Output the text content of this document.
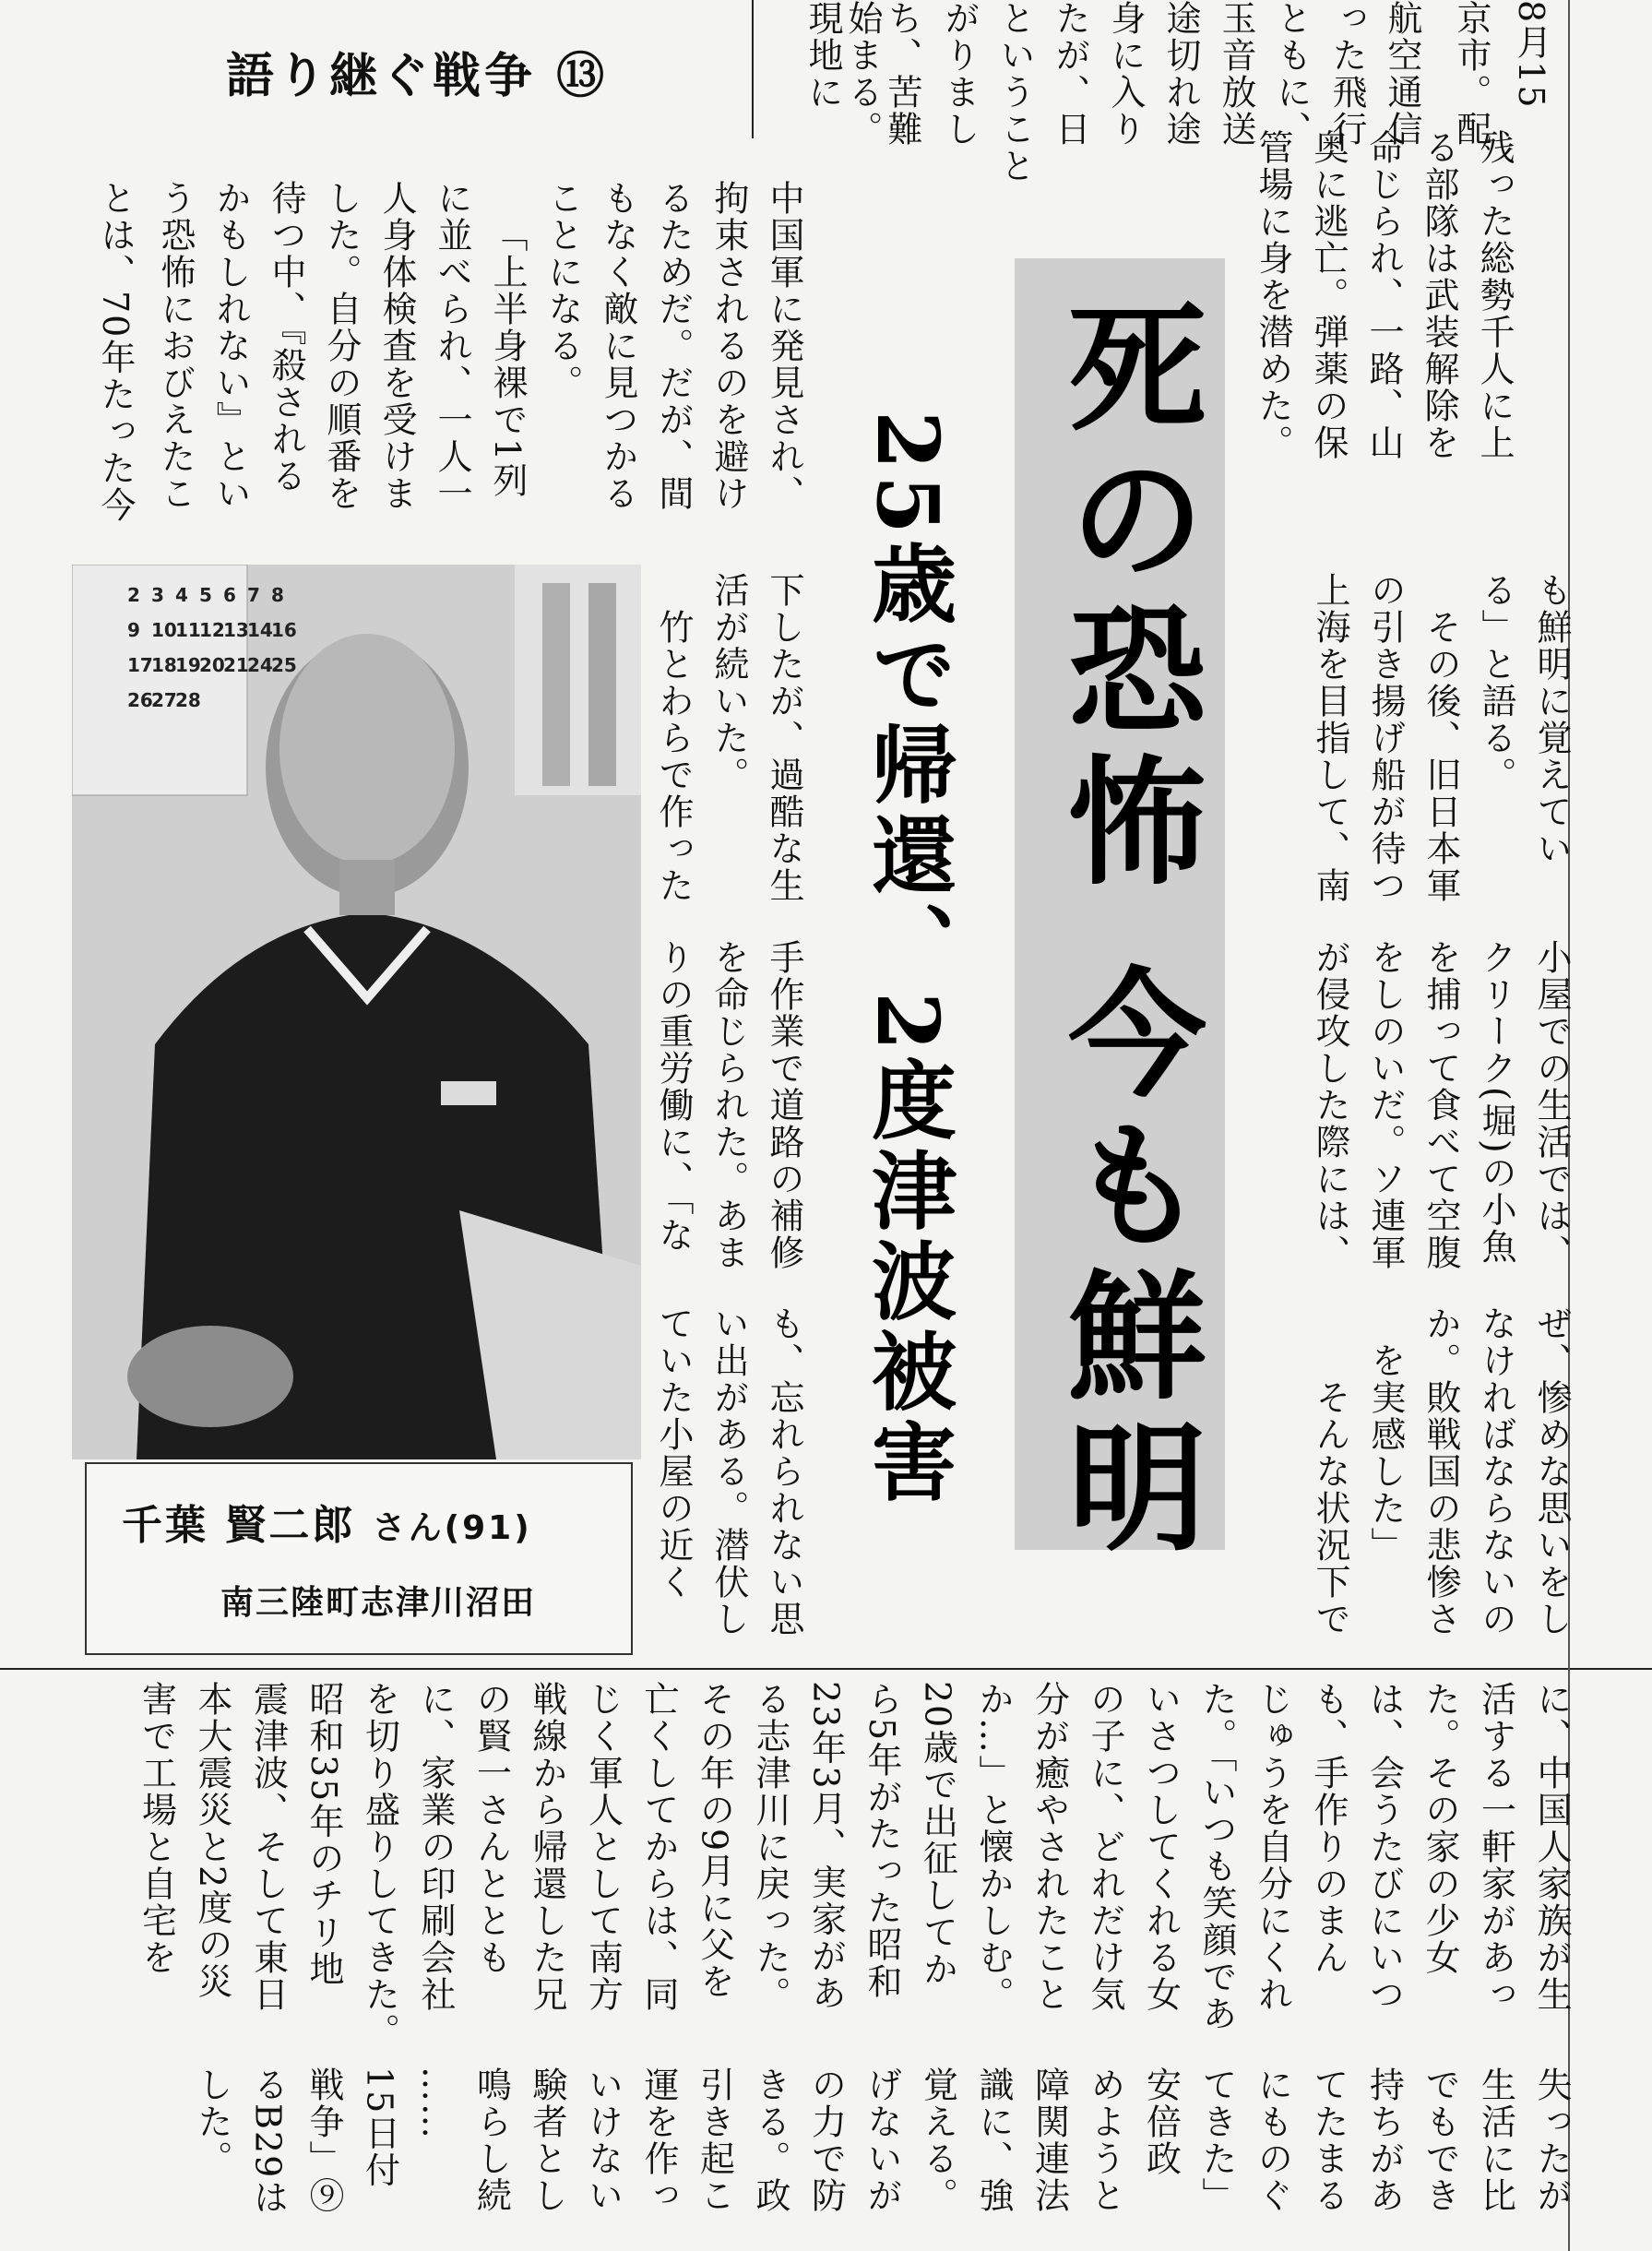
現地に 始まる。 ち、苦難 がりまし ということ たが、日 身に入り 途切れ途 玉音放送 ともに、 った飛行 航空通信 京市。配 8月15
語り継ぐ戦争 ⑬
残った総勢千人に上
る部隊は武装解除を
命じられ、一路、山
奥に逃亡。弾薬の保
管場に身を潜めた。
中国軍に発見され、
拘束されるのを避け
るためだ。だが、間
もなく敵に見つかる
ことになる。
「上半身裸で1列
に並べられ、一人一
人身体検査を受けま
した。自分の順番を
待つ中、『殺される
かもしれない』とい
う恐怖におびえたこ
とは、70年たった今	死の恐怖 今も鮮明
25歳で帰還、2度津波被害	も鮮明に覚えてい
る」と語る。
その後、旧日本軍
の引き揚げ船が待つ
上海を目指して、南
下したが、過酷な生
活が続いた。
竹とわらで作った
小屋での生活では、
クリーク(堀)の小魚
を捕って食べて空腹
をしのいだ。ソ連軍
が侵攻した際には、
手作業で道路の補修
を命じられた。あま
りの重労働に、「な
ぜ、惨めな思いをし
なければならないの
か。敗戦国の悲惨さ
を実感した」
そんな状況下で
も、忘れられない思
い出がある。潜伏し
ていた小屋の近く
2 3 4 5 6 7 8
9 10
11
12
13
14
16
17
18
19
20
21
24
25
26
27
28
千葉 賢二郎 さん(91)
南三陸町志津川沼田
に、中国人家族が生
活する一軒家があっ
た。その家の少女
は、会うたびにいつ
も、手作りのまん
じゅうを自分にくれ
た。「いつも笑顔であ
いさつしてくれる女
の子に、どれだけ気
分が癒やされたこと
か…」と懐かしむ。
20歳で出征してか
ら5年がたった昭和
23年3月、実家があ
る志津川に戻った。
その年の9月に父を
亡くしてからは、同
じく軍人として南方
戦線から帰還した兄
の賢一さんととも
に、家業の印刷会社
を切り盛りしてきた。
昭和35年のチリ地
震津波、そして東日
本大震災と2度の災
害で工場と自宅を
失ったが
生活に比
でもでき
持ちがあ
てたまる
にものぐ
てきた」
安倍政
めようと
障関連法
識に、強
覚える。
げないが
の力で防
きる。政
引き起こ
運を作っ
いけない
験者とし
鳴らし続
……
15日付
戦争」⑨
るB29は
した。
